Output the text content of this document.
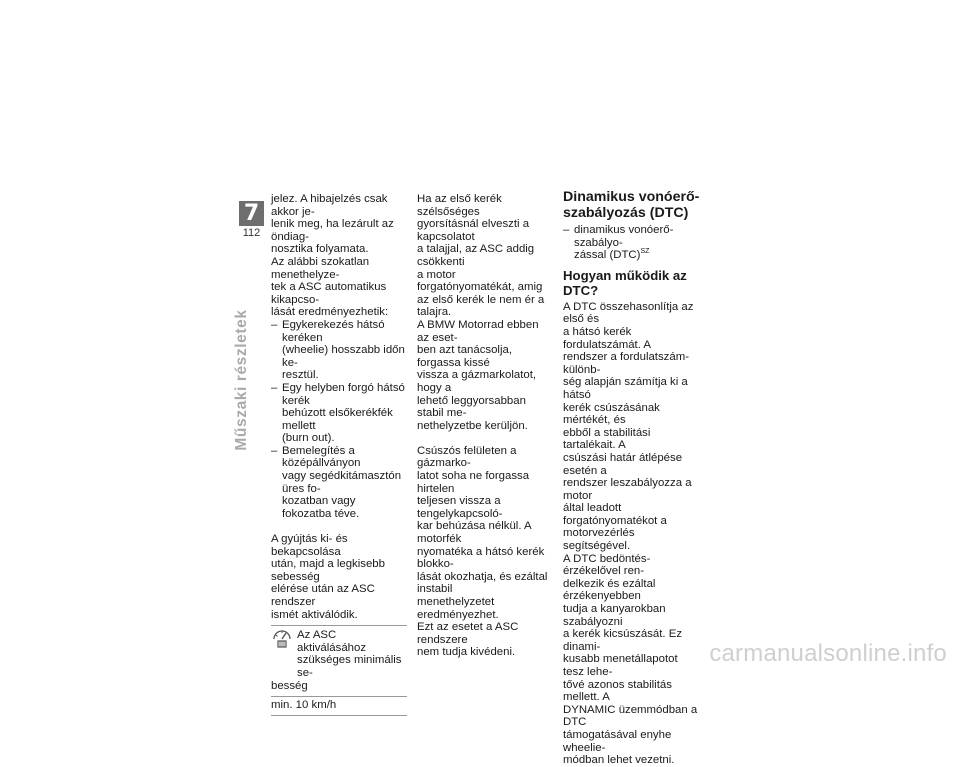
7
112
Műszaki részletek

jelez. A hibajelzés csak akkor je-
lenik meg, ha lezárult az öndiag-
nosztika folyamata.
Az alábbi szokatlan menethelyze-
tek a ASC automatikus kikapcso-
lását eredményezhetik:

– Egykerekezés hátsó keréken
(wheelie) hosszabb időn ke-
resztül.
– Egy helyben forgó hátsó kerék
behúzott elsőkerékfék mellett
(burn out).
– Bemelegítés a középállványon
vagy segédkitámasztón üres fo-
kozatban vagy fokozatba téve.

A gyújtás ki- és bekapcsolása
után, majd a legkisebb sebesség
elérése után az ASC rendszer
ismét aktiválódik.

Az ASC aktiválásához
szükséges minimális se-
besség
min. 10 km/h

Ha az első kerék szélsőséges
gyorsításnál elveszti a kapcsolatot
a talajjal, az ASC addig csökkenti
a motor forgatónyomatékát, amig
az első kerék le nem ér a talajra.
A BMW Motorrad ebben az eset-
ben azt tanácsolja, forgassa kissé
vissza a gázmarkolatot, hogy a
lehető leggyorsabban stabil me-
nethelyzetbe kerüljön.

Csúszós felületen a gázmarko-
latot soha ne forgassa hirtelen
teljesen vissza a tengelykapcsoló-
kar behúzása nélkül. A motorfék
nyomatéka a hátsó kerék blokko-
lását okozhatja, és ezáltal instabil
menethelyzetet eredményezhet.
Ezt az esetet a ASC rendszere
nem tudja kivédeni.

Dinamikus vonóerő-
szabályozás (DTC)
– dinamikus vonóerő-szabályo-
zással (DTC)$^{SZ}$
Hogyan működik az DTC?

A DTC összehasonlítja az első és
a hátsó kerék fordulatszámát. A
rendszer a fordulatszám-különb-
ség alapján számítja ki a hátsó
kerék csúszásának mértékét, és
ebből a stabilitási tartalékait. A
csúszási határ átlépése esetén a
rendszer leszabályozza a motor
által leadott forgatónyomatékot a
motorvezérlés segítségével.
A DTC bedöntés-érzékelővel ren-
delkezik és ezáltal érzékenyebben
tudja a kanyarokban szabályozni
a kerék kicsúszását. Ez dinami-
kusabb menetállapotot tesz lehe-
tővé azonos stabilitás mellett. A
DYNAMIC üzemmódban a DTC
támogatásával enyhe wheelie-
módban lehet vezetni.

carmanualsonline.info
